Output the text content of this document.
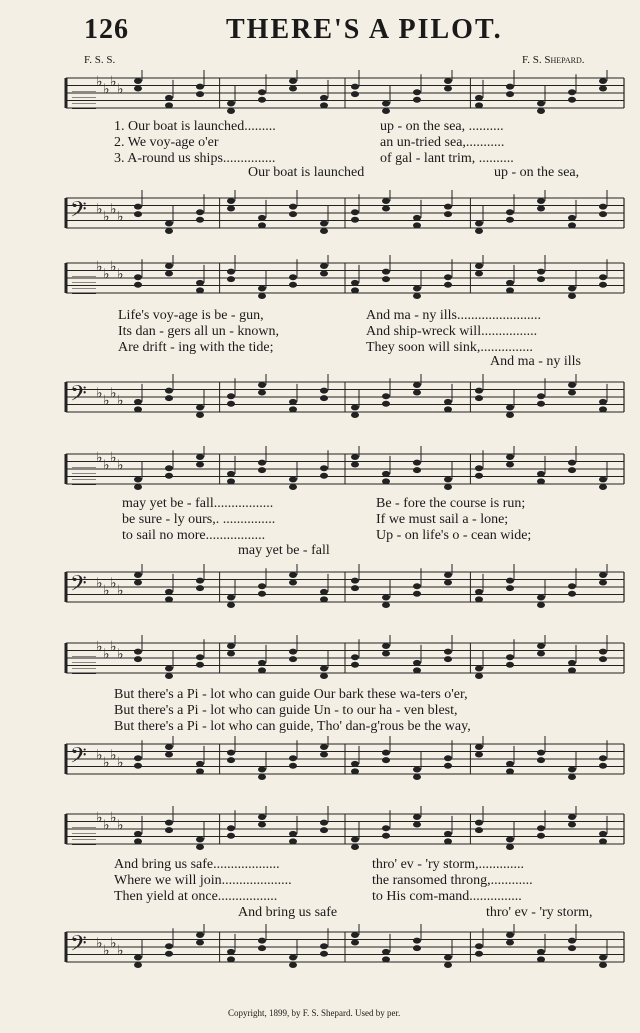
126	THERE'S A PILOT.
F. S. S.	F. S. Shepard.
𝄚 ♭ ♭ ♭ ♭
1. Our boat is launched.........	up - on the sea, ..........
2. We voy-age o'er	an un-tried sea,...........
3. A-round us ships...............	of gal - lant trim, ..........
Our boat is launched	up - on the sea,
𝄢 ♭ ♭ ♭ ♭
𝄚 ♭ ♭ ♭ ♭
Life's voy-age is be - gun,	And ma - ny ills........................
Its dan - gers all un - known,	And ship-wreck will................
Are drift - ing with the tide;	They soon will sink,...............
And ma - ny ills
𝄢 ♭ ♭ ♭ ♭
𝄚 ♭ ♭ ♭ ♭
may yet be - fall.................	Be - fore the course is run;
be sure - ly ours,. ...............	If we must sail a - lone;
to sail no more.................	Up - on life's o - cean wide;
may yet be - fall
𝄢 ♭ ♭ ♭ ♭
𝄚 ♭ ♭ ♭ ♭
But there's a Pi - lot who can guide Our bark these wa-ters o'er,
But there's a Pi - lot who can guide Un - to our ha - ven blest,
But there's a Pi - lot who can guide, Tho' dan-g'rous be the way,
𝄢 ♭ ♭ ♭ ♭
𝄚 ♭ ♭ ♭ ♭
And bring us safe...................	thro' ev - 'ry storm,.............
Where we will join....................	the ransomed throng,............
Then yield at once.................	to His com-mand...............
And bring us safe	thro' ev - 'ry storm,
𝄢 ♭ ♭ ♭ ♭
Copyright, 1899, by F. S. Shepard. Used by per.
